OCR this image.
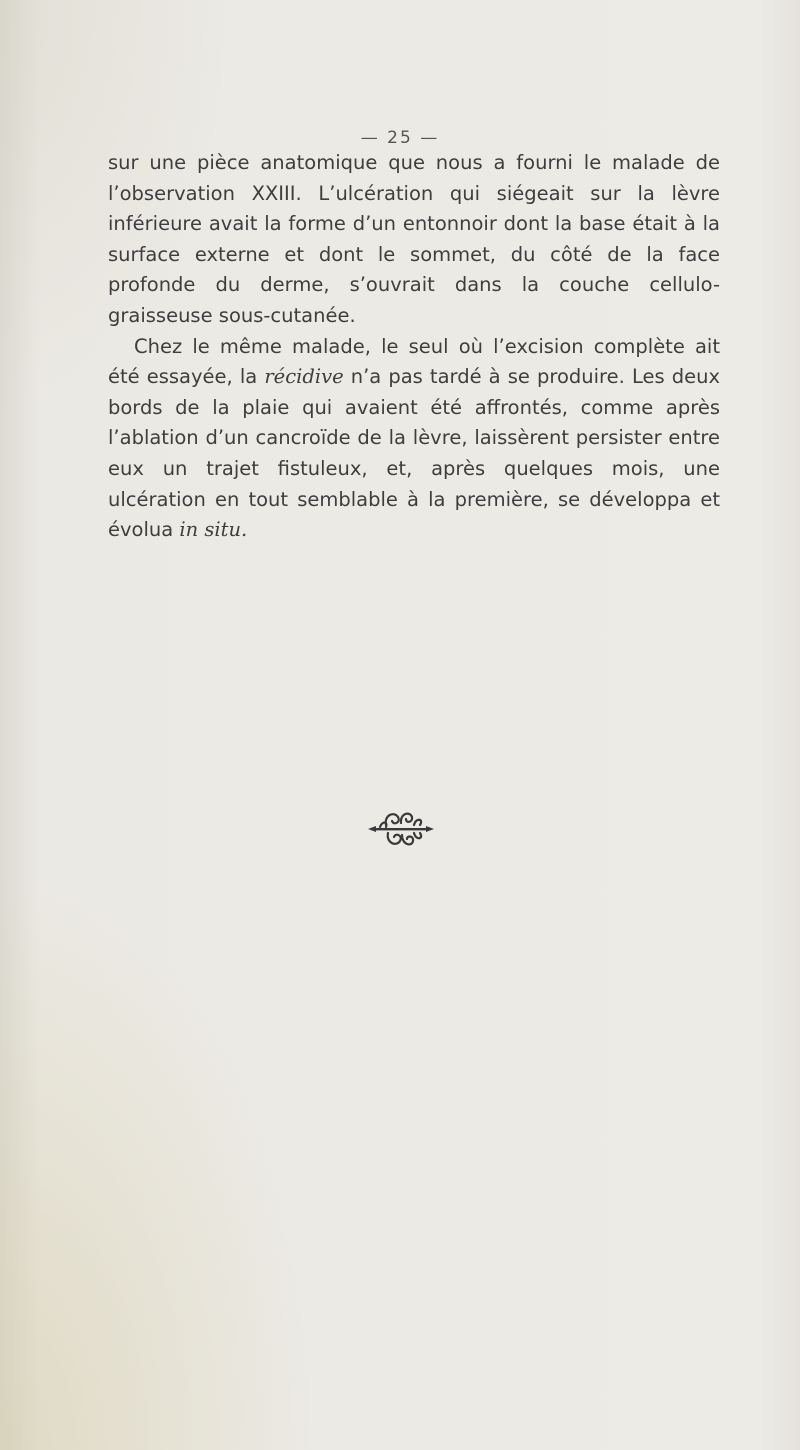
— 25 —

sur une pièce anatomique que nous a fourni le malade de l’observation XXIII. L’ulcération qui siégeait sur la lèvre inférieure avait la forme d’un entonnoir dont la base était à la surface externe et dont le sommet, du côté de la face profonde du derme, s’ouvrait dans la couche cellulo-graisseuse sous-cutanée.

Chez le même malade, le seul où l’excision complète ait été essayée, la récidive n’a pas tardé à se produire. Les deux bords de la plaie qui avaient été affrontés, comme après l’ablation d’un cancroïde de la lèvre, laissèrent persister entre eux un trajet fistuleux, et, après quelques mois, une ulcération en tout semblable à la première, se développa et évolua in situ.
